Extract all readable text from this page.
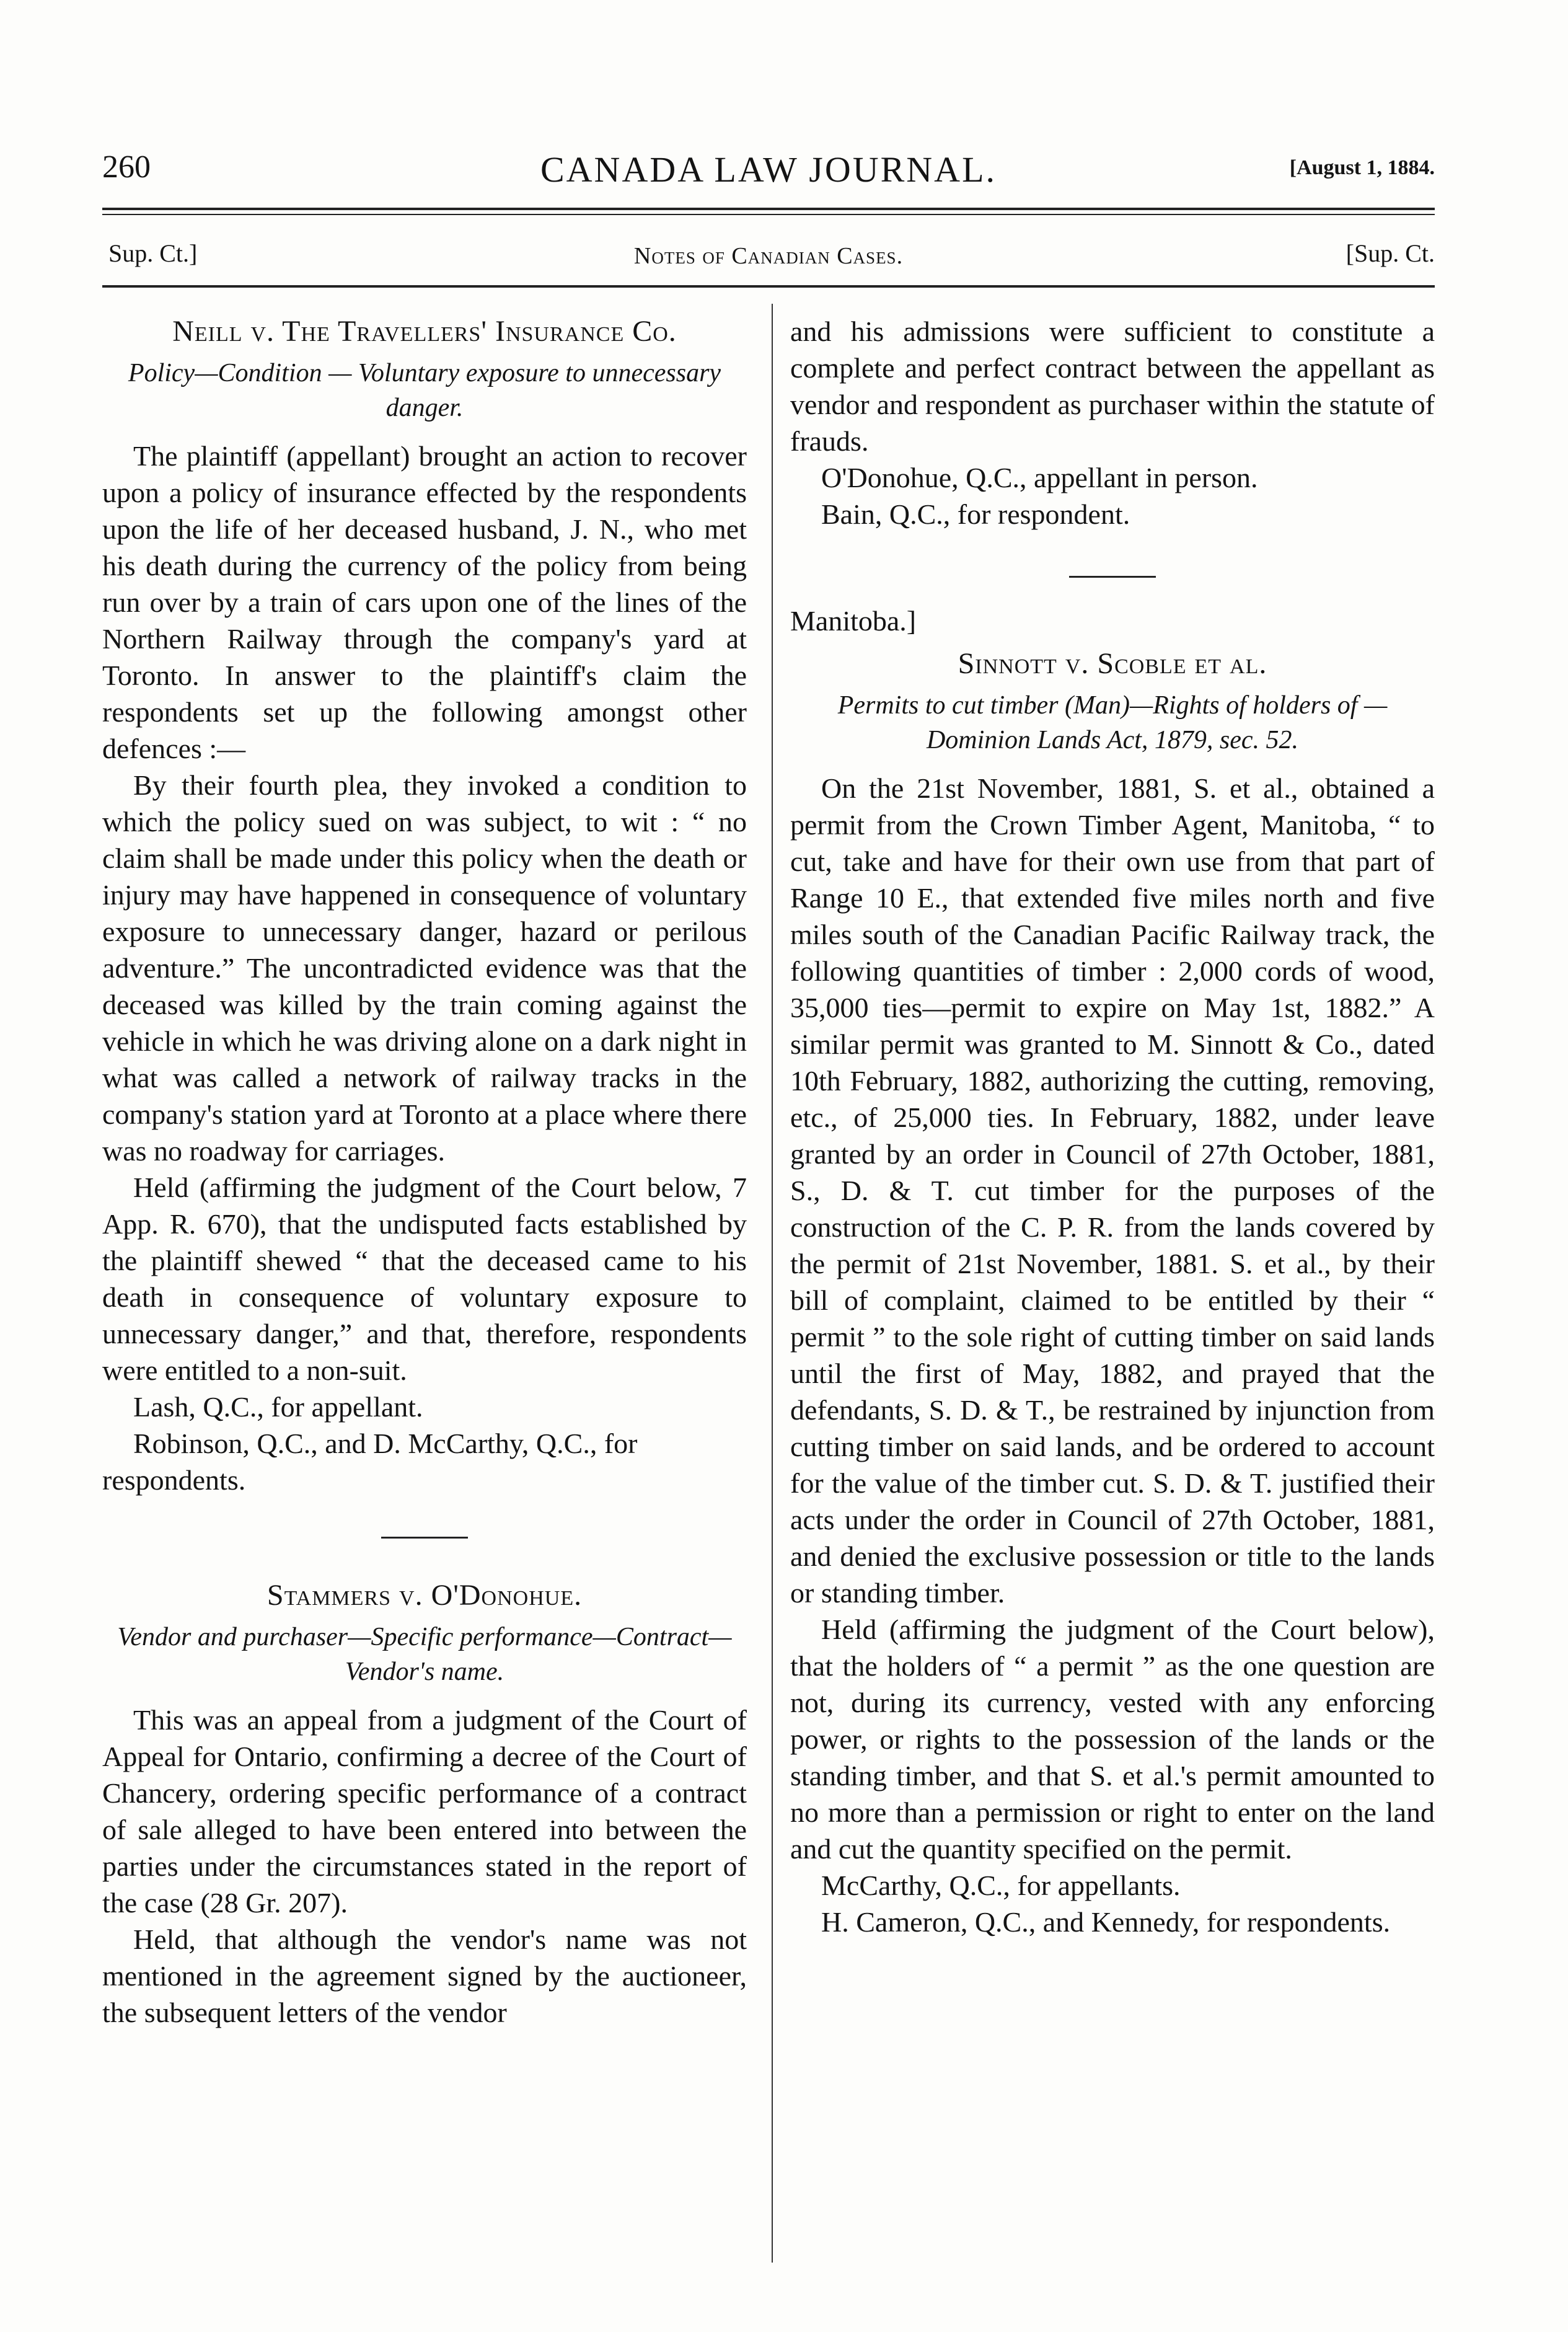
260	CANADA LAW JOURNAL.	[August 1, 1884.
Sup. Ct.]	Notes of Canadian Cases.	[Sup. Ct.
Neill v. The Travellers' Insurance Co.
Policy—Condition — Voluntary exposure to unnecessary danger.

The plaintiff (appellant) brought an action to recover upon a policy of insurance effected by the respondents upon the life of her deceased husband, J. N., who met his death during the currency of the policy from being run over by a train of cars upon one of the lines of the Northern Railway through the company's yard at Toronto. In answer to the plaintiff's claim the respondents set up the following amongst other defences :—

By their fourth plea, they invoked a condition to which the policy sued on was subject, to wit : “ no claim shall be made under this policy when the death or injury may have happened in consequence of voluntary exposure to unnecessary danger, hazard or perilous adventure.” The uncontradicted evidence was that the deceased was killed by the train coming against the vehicle in which he was driving alone on a dark night in what was called a network of railway tracks in the company's station yard at Toronto at a place where there was no roadway for carriages.

Held (affirming the judgment of the Court below, 7 App. R. 670), that the undisputed facts established by the plaintiff shewed “ that the deceased came to his death in consequence of voluntary exposure to unnecessary danger,” and that, therefore, respondents were entitled to a non-suit.

Lash, Q.C., for appellant.

Robinson, Q.C., and D. McCarthy, Q.C., for respondents.

Stammers v. O'Donohue.
Vendor and purchaser—Specific performance—Contract—Vendor's name.

This was an appeal from a judgment of the Court of Appeal for Ontario, confirming a decree of the Court of Chancery, ordering specific performance of a contract of sale alleged to have been entered into between the parties under the circumstances stated in the report of the case (28 Gr. 207).

Held, that although the vendor's name was not mentioned in the agreement signed by the auctioneer, the subsequent letters of the vendor

and his admissions were sufficient to constitute a complete and perfect contract between the appellant as vendor and respondent as purchaser within the statute of frauds.

O'Donohue, Q.C., appellant in person.

Bain, Q.C., for respondent.

Manitoba.]

Sinnott v. Scoble et al.
Permits to cut timber (Man)—Rights of holders of —Dominion Lands Act, 1879, sec. 52.

On the 21st November, 1881, S. et al., obtained a permit from the Crown Timber Agent, Manitoba, “ to cut, take and have for their own use from that part of Range 10 E., that extended five miles north and five miles south of the Canadian Pacific Railway track, the following quantities of timber : 2,000 cords of wood, 35,000 ties—permit to expire on May 1st, 1882.” A similar permit was granted to M. Sinnott & Co., dated 10th February, 1882, authorizing the cutting, removing, etc., of 25,000 ties. In February, 1882, under leave granted by an order in Council of 27th October, 1881, S., D. & T. cut timber for the purposes of the construction of the C. P. R. from the lands covered by the permit of 21st November, 1881. S. et al., by their bill of complaint, claimed to be entitled by their “ permit ” to the sole right of cutting timber on said lands until the first of May, 1882, and prayed that the defendants, S. D. & T., be restrained by injunction from cutting timber on said lands, and be ordered to account for the value of the timber cut. S. D. & T. justified their acts under the order in Council of 27th October, 1881, and denied the exclusive possession or title to the lands or standing timber.

Held (affirming the judgment of the Court below), that the holders of “ a permit ” as the one question are not, during its currency, vested with any enforcing power, or rights to the possession of the lands or the standing timber, and that S. et al.'s permit amounted to no more than a permission or right to enter on the land and cut the quantity specified on the permit.

McCarthy, Q.C., for appellants.

H. Cameron, Q.C., and Kennedy, for respondents.
